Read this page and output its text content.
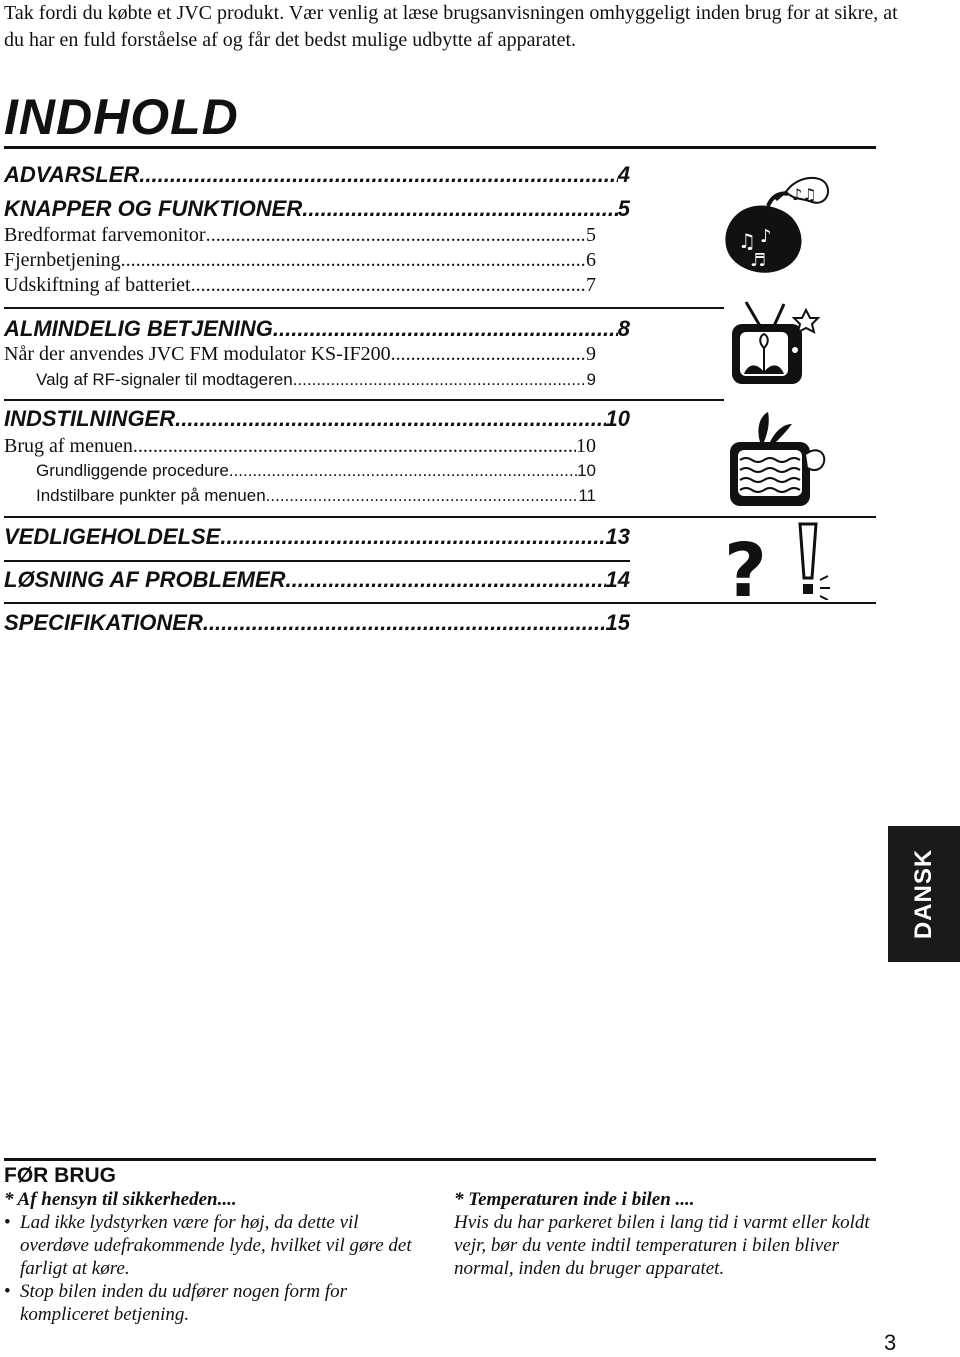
Tak fordi du købte et JVC produkt. Vær venlig at læse brugsanvisningen omhyggeligt inden brug for at sikre, at du har en fuld forståelse af og får det bedst mulige udbytte af apparatet.
INDHOLD
ADVARSLER .....	4
KNAPPER OG FUNKTIONER .....	5
Bredformat farvemonitor .....	5
Fjernbetjening .....	6
Udskiftning af batteriet .....	7
ALMINDELIG BETJENING .....	8
Når der anvendes JVC FM modulator KS-IF200 .....	9
Valg af RF-signaler til modtageren .....	9
INDSTILNINGER .....	10
Brug af menuen .....	10
Grundliggende procedure .....	10
Indstilbare punkter på menuen .....	11
VEDLIGEHOLDELSE .....	13
LØSNING AF PROBLEMER .....	14
SPECIFIKATIONER .....	15
♫ ♪
♬
♪♫
?
DANSK
FØR BRUG
* Af hensyn til sikkerheden....
• Lad ikke lydstyrken være for høj, da dette vil overdøve udefrakommende lyde, hvilket vil gøre det farligt at køre.
• Stop bilen inden du udfører nogen form for kompliceret betjening.
* Temperaturen inde i bilen ....
Hvis du har parkeret bilen i lang tid i varmt eller koldt vejr, bør du vente indtil temperaturen i bilen bliver normal, inden du bruger apparatet.
3
